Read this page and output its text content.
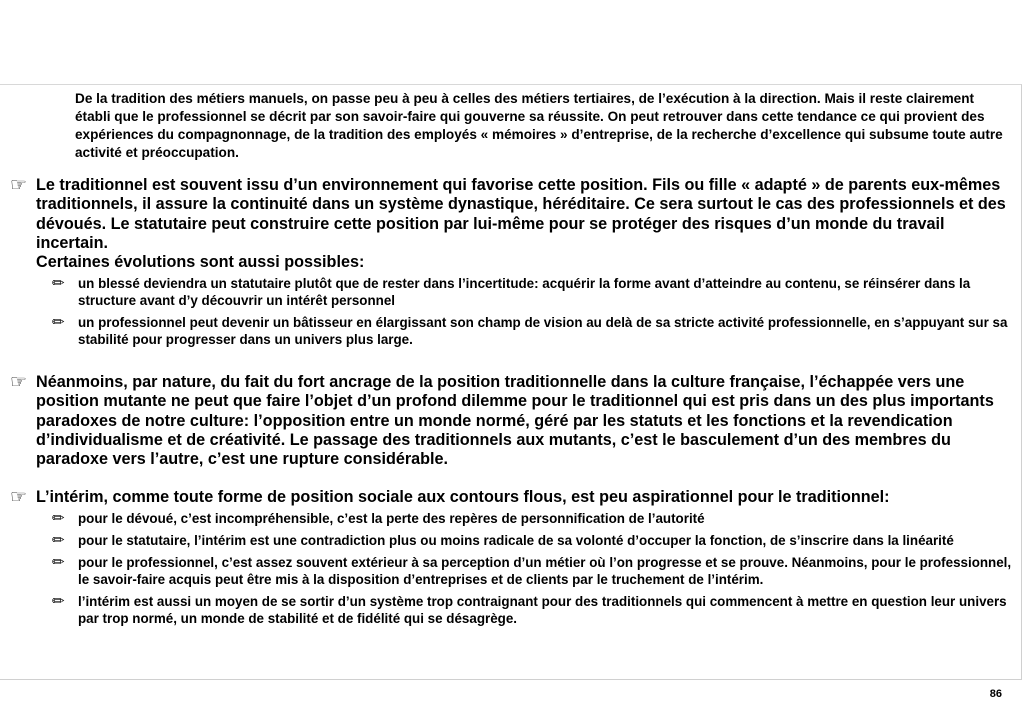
De la tradition des métiers manuels, on passe peu à peu à celles des métiers tertiaires, de l’exécution à la direction. Mais il reste clairement établi que le professionnel se décrit par son savoir-faire qui gouverne sa réussite. On peut retrouver dans cette tendance ce qui provient des expériences du compagnonnage, de la tradition des employés « mémoires » d’entreprise, de la recherche d’excellence qui subsume toute autre activité et préoccupation.
☞ Le traditionnel est souvent issu d’un environnement qui favorise cette position. Fils ou fille « adapté » de parents eux-mêmes traditionnels, il assure la continuité dans un système dynastique, héréditaire. Ce sera surtout le cas des professionnels et des dévoués. Le statutaire peut construire cette position par lui-même pour se protéger des risques d’un monde du travail incertain.
Certaines évolutions sont aussi possibles:
✏ un blessé deviendra un statutaire plutôt que de rester dans l’incertitude: acquérir la forme avant d’atteindre au contenu, se réinsérer dans la structure avant d’y découvrir un intérêt personnel
✏ un professionnel peut devenir un bâtisseur en élargissant son champ de vision au delà de sa stricte activité professionnelle, en s’appuyant sur sa stabilité pour progresser dans un univers plus large.
☞ Néanmoins, par nature, du fait du fort ancrage de la position traditionnelle dans la culture française, l’échappée vers une position mutante ne peut que faire l’objet d’un profond dilemme pour le traditionnel qui est pris dans un des plus importants paradoxes de notre culture: l’opposition entre un monde normé, géré par les statuts et les fonctions et la revendication d’individualisme et de créativité. Le passage des traditionnels aux mutants, c’est le basculement d’un des membres du paradoxe vers l’autre, c’est une rupture considérable.
☞ L’intérim, comme toute forme de position sociale aux contours flous, est peu aspirationnel pour le traditionnel:
✏ pour le dévoué, c’est incompréhensible, c’est la perte des repères de personnification de l’autorité
✏ pour le statutaire, l’intérim est une contradiction plus ou moins radicale de sa volonté d’occuper la fonction, de s’inscrire dans la linéarité
✏ pour le professionnel, c’est assez souvent extérieur à sa perception d’un métier où l’on progresse et se prouve. Néanmoins, pour le professionnel, le savoir-faire acquis peut être mis à la disposition d’entreprises et de clients par le truchement de l’intérim.
✏ l’intérim est aussi un moyen de se sortir d’un système trop contraignant pour des traditionnels qui commencent à mettre en question leur univers par trop normé, un monde de stabilité et de fidélité qui se désagrège.
86
